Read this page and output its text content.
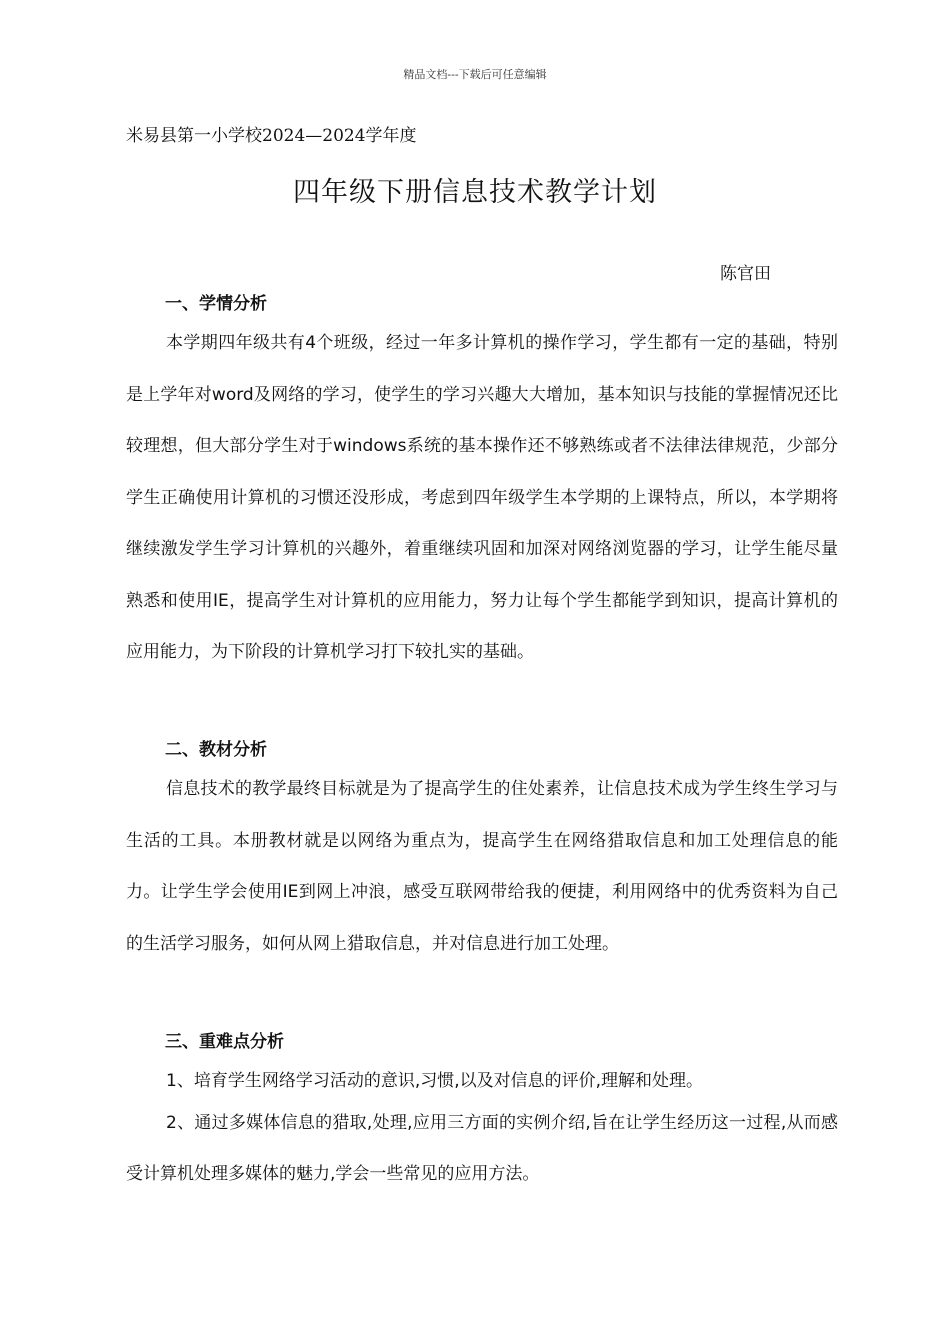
精品文档---下载后可任意编辑
米易县第一小学校2024—2024学年度
四年级下册信息技术教学计划
陈官田
一、学情分析
本学期四年级共有4个班级，经过一年多计算机的操作学习，学生都有一定的基础，特别是上学年对word及网络的学习，使学生的学习兴趣大大增加，基本知识与技能的掌握情况还比较理想，但大部分学生对于windows系统的基本操作还不够熟练或者不法律法律规范，少部分学生正确使用计算机的习惯还没形成，考虑到四年级学生本学期的上课特点，所以，本学期将继续激发学生学习计算机的兴趣外，着重继续巩固和加深对网络浏览器的学习，让学生能尽量熟悉和使用IE，提高学生对计算机的应用能力，努力让每个学生都能学到知识，提高计算机的应用能力，为下阶段的计算机学习打下较扎实的基础。
二、教材分析
信息技术的教学最终目标就是为了提高学生的住处素养，让信息技术成为学生终生学习与生活的工具。本册教材就是以网络为重点为，提高学生在网络猎取信息和加工处理信息的能力。让学生学会使用IE到网上冲浪，感受互联网带给我的便捷，利用网络中的优秀资料为自己的生活学习服务，如何从网上猎取信息，并对信息进行加工处理。
三、重难点分析
1、培育学生网络学习活动的意识,习惯,以及对信息的评价,理解和处理。
2、通过多媒体信息的猎取,处理,应用三方面的实例介绍,旨在让学生经历这一过程,从而感受计算机处理多媒体的魅力,学会一些常见的应用方法。
